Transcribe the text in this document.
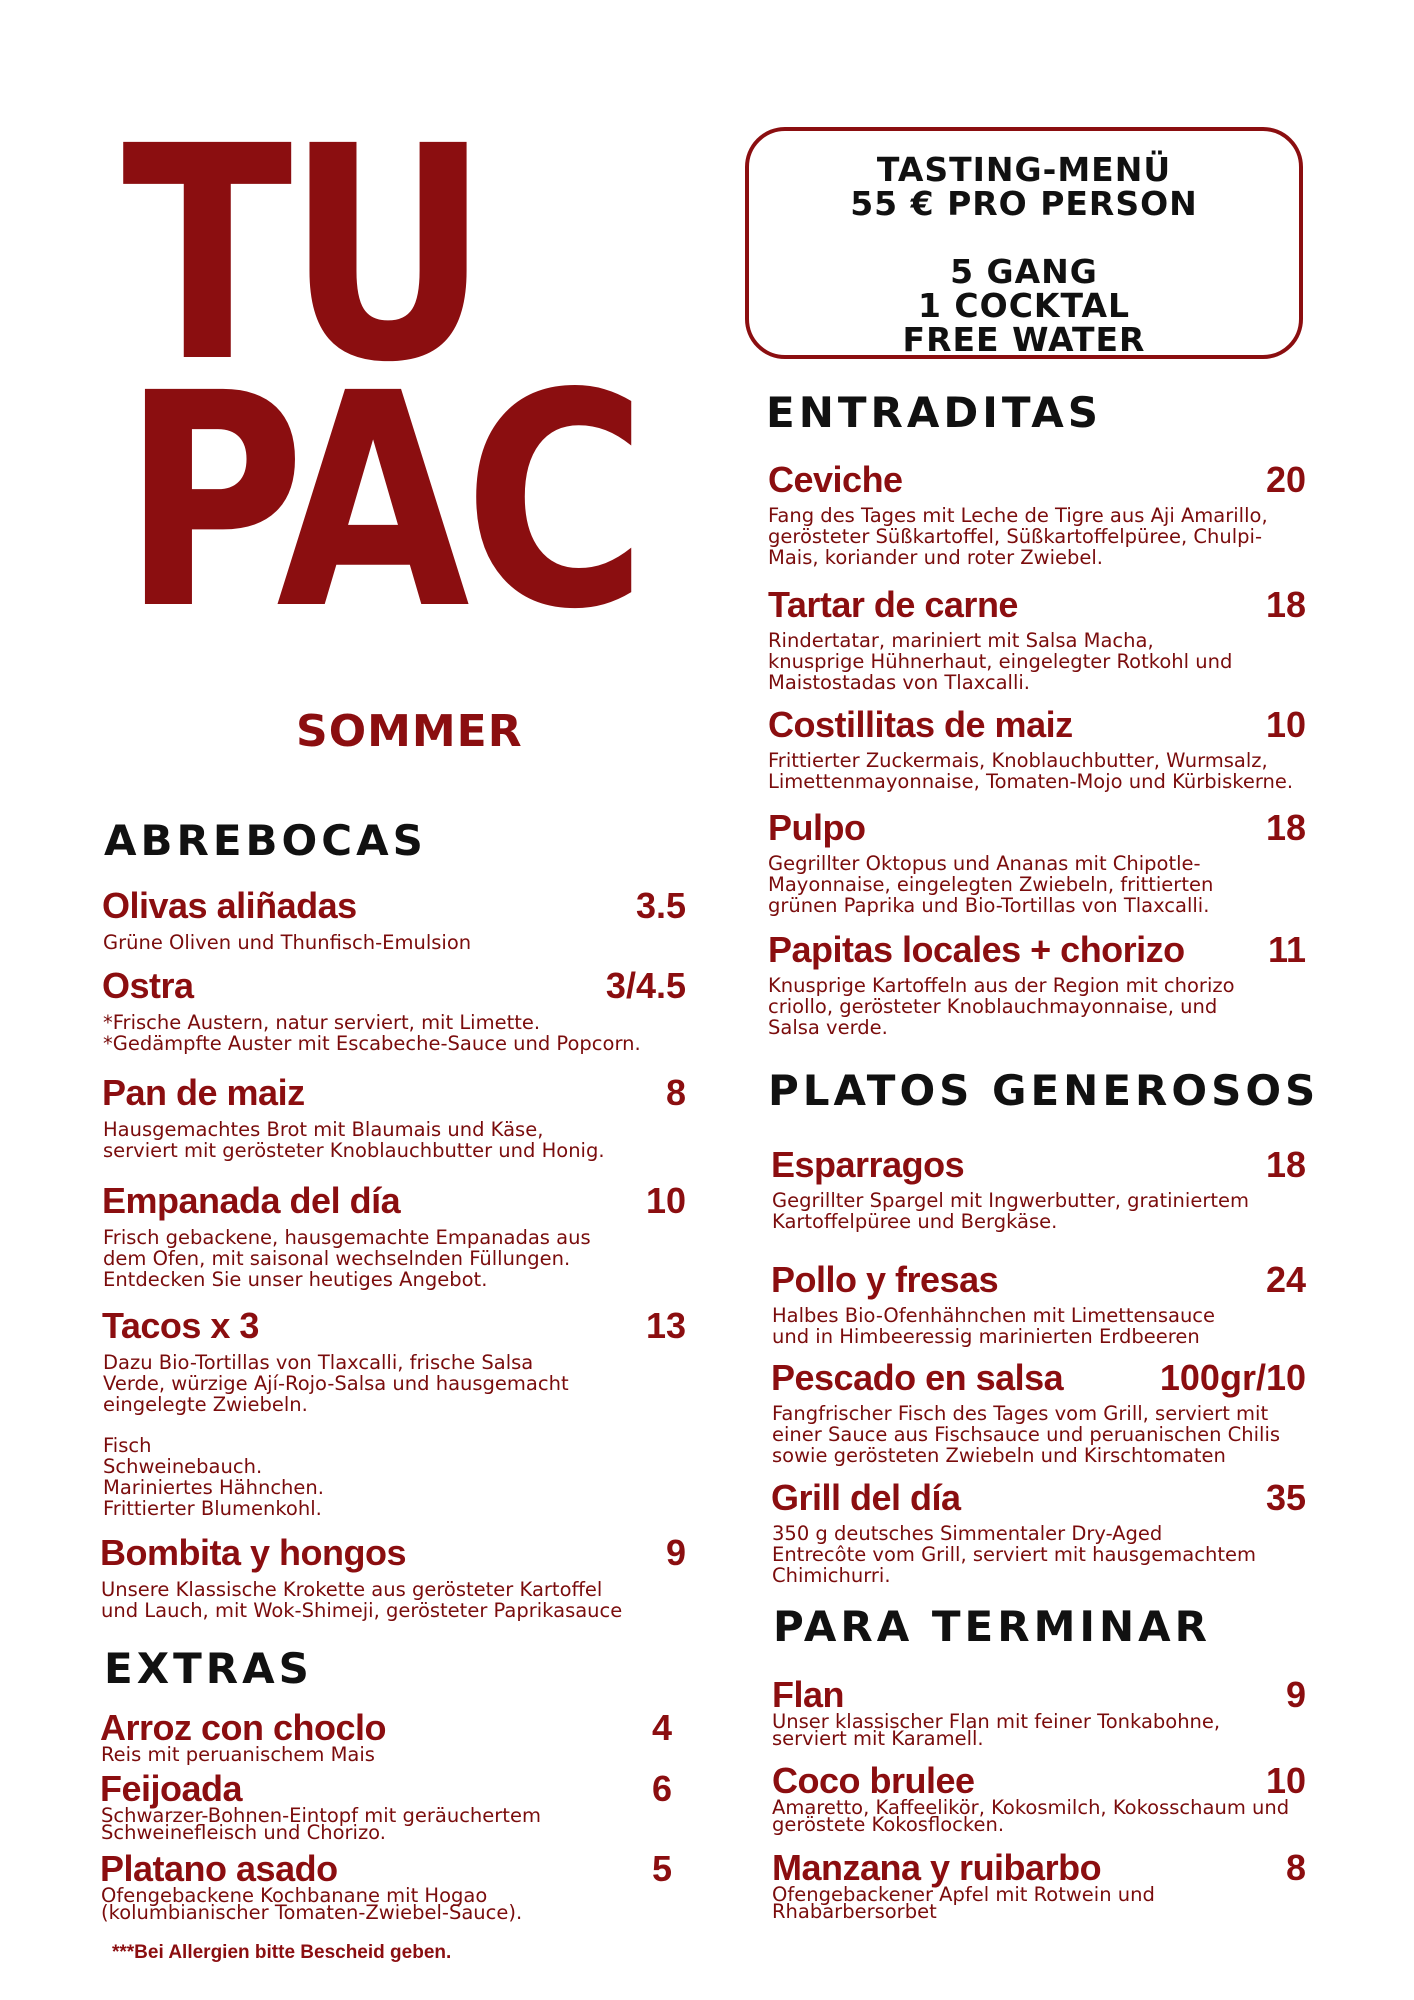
TU
PAC
SOMMER
TASTING-MENÜ
55 € PRO PERSON
5 GANG
1 COCKTAL
FREE WATER
ABREBOCAS
Olivas aliñadas	3.5
Grüne Oliven und Thunfisch-Emulsion
Ostra	3/4.5
*Frische Austern, natur serviert, mit Limette.
*Gedämpfte Auster mit Escabeche-Sauce und Popcorn.
Pan de maiz	8
Hausgemachtes Brot mit Blaumais und Käse,
serviert mit gerösteter Knoblauchbutter und Honig.
Empanada del día	10
Frisch gebackene, hausgemachte Empanadas aus
dem Ofen, mit saisonal wechselnden Füllungen.
Entdecken Sie unser heutiges Angebot.
Tacos x 3	13
Dazu Bio-Tortillas von Tlaxcalli, frische Salsa
Verde, würzige Ají-Rojo-Salsa und hausgemacht
eingelegte Zwiebeln.
Fisch
Schweinebauch.
Mariniertes Hähnchen.
Frittierter Blumenkohl.
Bombita y hongos	9
Unsere Klassische Krokette aus gerösteter Kartoffel
und Lauch, mit Wok-Shimeji, gerösteter Paprikasauce
EXTRAS
Arroz con choclo	4
Reis mit peruanischem Mais
Feijoada	6
Schwarzer-Bohnen-Eintopf mit geräuchertem
Schweinefleisch und Chorizo.
Platano asado	5
Ofengebackene Kochbanane mit Hogao
(kolumbianischer Tomaten-Zwiebel-Sauce).
***Bei Allergien bitte Bescheid geben.
ENTRADITAS
Ceviche	20
Fang des Tages mit Leche de Tigre aus Aji Amarillo,
gerösteter Süßkartoffel, Süßkartoffelpüree, Chulpi-
Mais, koriander und roter Zwiebel.
Tartar de carne	18
Rindertatar, mariniert mit Salsa Macha,
knusprige Hühnerhaut, eingelegter Rotkohl und
Maistostadas von Tlaxcalli.
Costillitas de maiz	10
Frittierter Zuckermais, Knoblauchbutter, Wurmsalz,
Limettenmayonnaise, Tomaten-Mojo und Kürbiskerne.
Pulpo	18
Gegrillter Oktopus und Ananas mit Chipotle-
Mayonnaise, eingelegten Zwiebeln, frittierten
grünen Paprika und Bio-Tortillas von Tlaxcalli.
Papitas locales + chorizo	11
Knusprige Kartoffeln aus der Region mit chorizo
criollo, gerösteter Knoblauchmayonnaise, und
Salsa verde.
PLATOS GENEROSOS
Esparragos	18
Gegrillter Spargel mit Ingwerbutter, gratiniertem
Kartoffelpüree und Bergkäse.
Pollo y fresas	24
Halbes Bio-Ofenhähnchen mit Limettensauce
und in Himbeeressig marinierten Erdbeeren
Pescado en salsa	100gr/10
Fangfrischer Fisch des Tages vom Grill, serviert mit
einer Sauce aus Fischsauce und peruanischen Chilis
sowie gerösteten Zwiebeln und Kirschtomaten
Grill del día	35
350 g deutsches Simmentaler Dry-Aged
Entrecôte vom Grill, serviert mit hausgemachtem
Chimichurri.
PARA TERMINAR
Flan	9
Unser klassischer Flan mit feiner Tonkabohne,
serviert mit Karamell.
Coco brulee	10
Amaretto, Kaffeelikör, Kokosmilch, Kokosschaum und
geröstete Kokosflocken.
Manzana y ruibarbo	8
Ofengebackener Apfel mit Rotwein und
Rhabarbersorbet
